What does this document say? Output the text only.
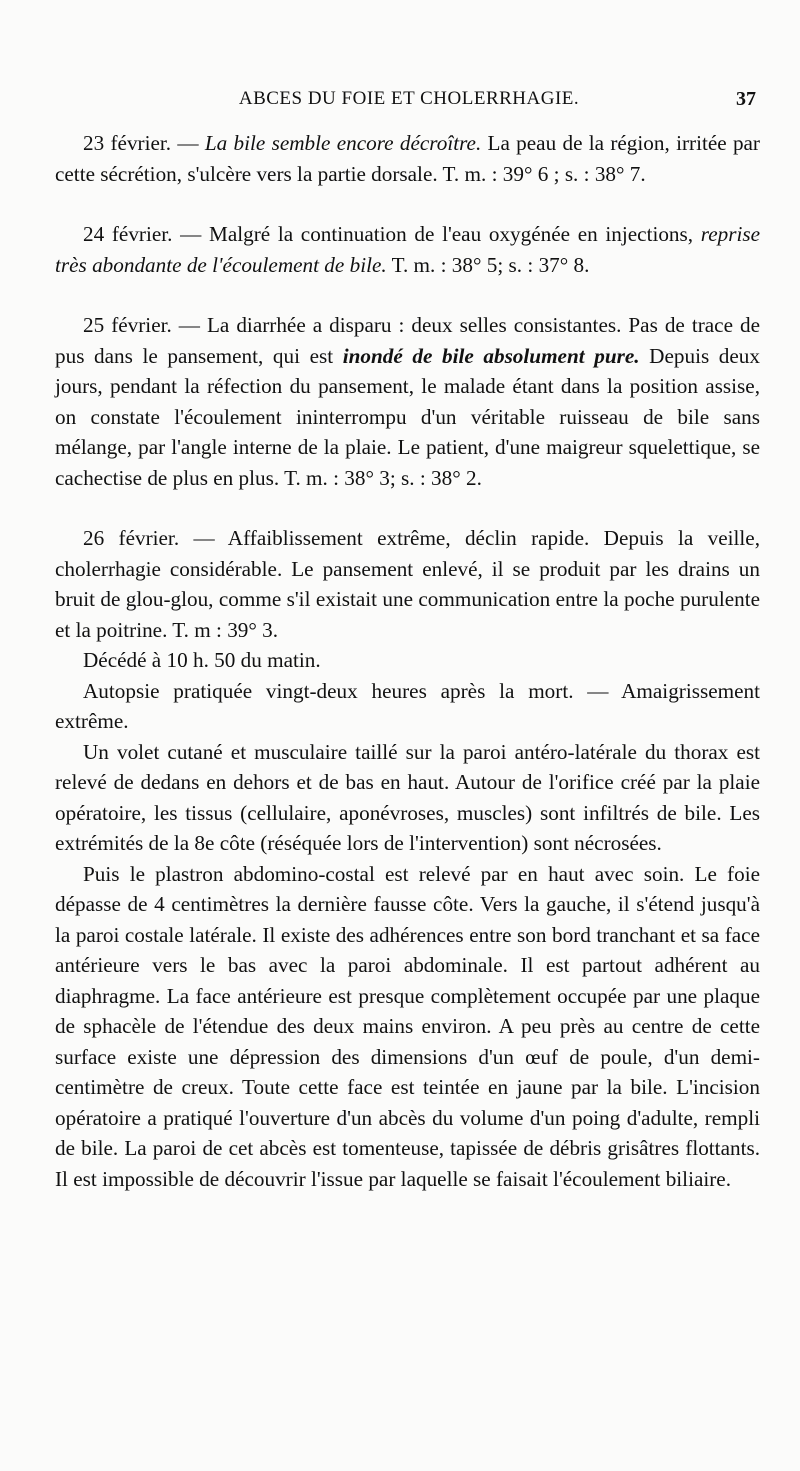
ABCES DU FOIE ET CHOLERRHAGIE.	37

23 février. — La bile semble encore décroître. La peau de la région, irritée par cette sécrétion, s'ulcère vers la partie dorsale. T. m. : 39° 6 ; s. : 38° 7.

24 février. — Malgré la continuation de l'eau oxygénée en injections, reprise très abondante de l'écoulement de bile. T. m. : 38° 5; s. : 37° 8.

25 février. — La diarrhée a disparu : deux selles consistantes. Pas de trace de pus dans le pansement, qui est inondé de bile absolument pure. Depuis deux jours, pendant la réfection du pansement, le malade étant dans la position assise, on constate l'écoulement ininterrompu d'un véritable ruisseau de bile sans mélange, par l'angle interne de la plaie. Le patient, d'une maigreur squelettique, se cachectise de plus en plus. T. m. : 38° 3; s. : 38° 2.

26 février. — Affaiblissement extrême, déclin rapide. Depuis la veille, cholerrhagie considérable. Le pansement enlevé, il se produit par les drains un bruit de glou-glou, comme s'il existait une communication entre la poche purulente et la poitrine. T. m : 39° 3.

Décédé à 10 h. 50 du matin.

Autopsie pratiquée vingt-deux heures après la mort. — Amaigrissement extrême.

Un volet cutané et musculaire taillé sur la paroi antéro-latérale du thorax est relevé de dedans en dehors et de bas en haut. Autour de l'orifice créé par la plaie opératoire, les tissus (cellulaire, aponévroses, muscles) sont infiltrés de bile. Les extrémités de la 8e côte (réséquée lors de l'intervention) sont nécrosées.

Puis le plastron abdomino-costal est relevé par en haut avec soin. Le foie dépasse de 4 centimètres la dernière fausse côte. Vers la gauche, il s'étend jusqu'à la paroi costale latérale. Il existe des adhérences entre son bord tranchant et sa face antérieure vers le bas avec la paroi abdominale. Il est partout adhérent au diaphragme. La face antérieure est presque complètement occupée par une plaque de sphacèle de l'étendue des deux mains environ. A peu près au centre de cette surface existe une dépression des dimensions d'un œuf de poule, d'un demi-centimètre de creux. Toute cette face est teintée en jaune par la bile. L'incision opératoire a pratiqué l'ouverture d'un abcès du volume d'un poing d'adulte, rempli de bile. La paroi de cet abcès est tomenteuse, tapissée de débris grisâtres flottants. Il est impossible de découvrir l'issue par laquelle se faisait l'écoulement biliaire.
